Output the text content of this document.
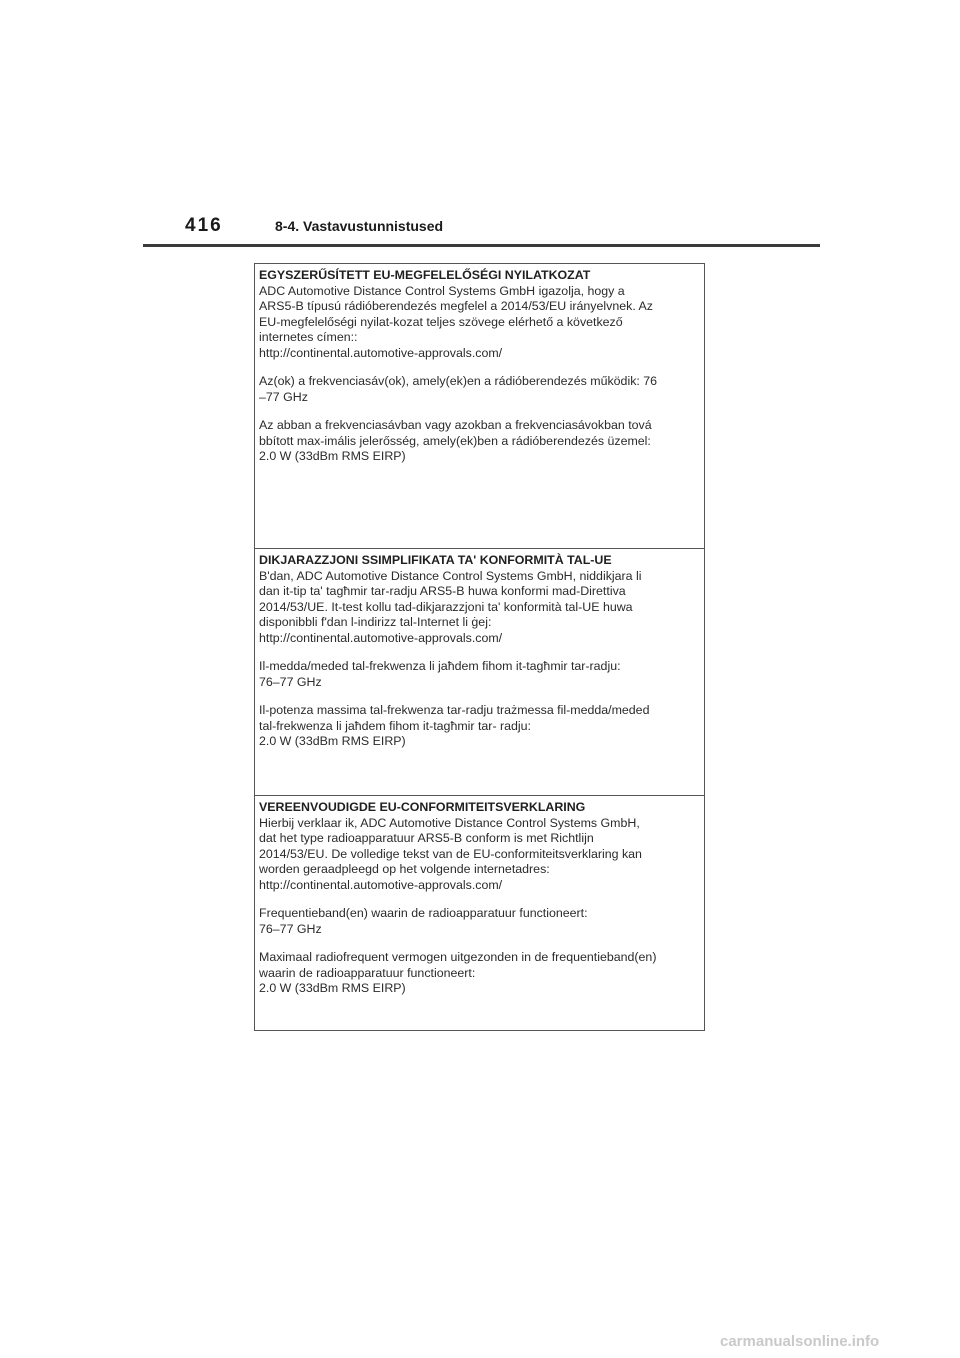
416	8-4. Vastavustunnistused

EGYSZERŰSÍTETT EU-MEGFELELŐSÉGI NYILATKOZAT

ADC Automotive Distance Control Systems GmbH igazolja, hogy a
ARS5-B típusú rádióberendezés megfelel a 2014/53/EU irányelvnek. Az
EU-megfelelőségi nyilat-kozat teljes szövege elérhető a következő
internetes címen::
http://continental.automotive-approvals.com/

Az(ok) a frekvenciasáv(ok), amely(ek)en a rádióberendezés működik: 76
–77 GHz

Az abban a frekvenciasávban vagy azokban a frekvenciasávokban tová
bbított max-imális jelerősség, amely(ek)ben a rádióberendezés üzemel:
2.0 W (33dBm RMS EIRP)

DIKJARAZZJONI SSIMPLIFIKATA TA' KONFORMITÀ TAL-UE

B'dan, ADC Automotive Distance Control Systems GmbH, niddikjara li
dan it-tip ta' tagħmir tar-radju ARS5-B huwa konformi mad-Direttiva
2014/53/UE. It-test kollu tad-dikjarazzjoni ta' konformità tal-UE huwa
disponibbli f'dan l-indirizz tal-Internet li ġej:
http://continental.automotive-approvals.com/

Il-medda/meded tal-frekwenza li jaħdem fihom it-tagħmir tar-radju:
76–77 GHz

Il-potenza massima tal-frekwenza tar-radju trażmessa fil-medda/meded
tal-frekwenza li jaħdem fihom it-tagħmir tar- radju:
2.0 W (33dBm RMS EIRP)

VEREENVOUDIGDE EU-CONFORMITEITSVERKLARING

Hierbij verklaar ik, ADC Automotive Distance Control Systems GmbH,
dat het type radioapparatuur ARS5-B conform is met Richtlijn
2014/53/EU. De volledige tekst van de EU-conformiteitsverklaring kan
worden geraadpleegd op het volgende internetadres:
http://continental.automotive-approvals.com/

Frequentieband(en) waarin de radioapparatuur functioneert:
76–77 GHz

Maximaal radiofrequent vermogen uitgezonden in de frequentieband(en)
waarin de radioapparatuur functioneert:
2.0 W (33dBm RMS EIRP)

carmanualsonline.info
